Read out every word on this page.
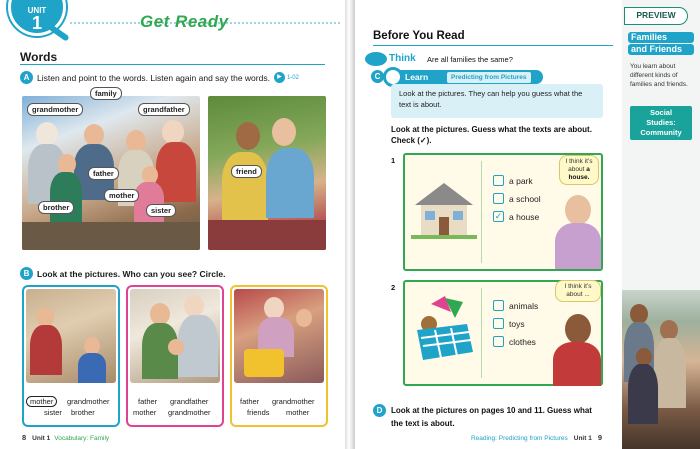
UNIT
1	Get Ready
Words
A Listen and point to the words. Listen again and say the words. ▶ 1-02
family
grandmother	grandfather
father
mother
brother	sister
friend
B Look at the pictures. Who can you see? Circle.
mother	grandmother
sister brother
father grandfather
mother grandmother
father grandmother
friends mother
8 Unit 1 Vocabulary: Family
Before You Read
Think Are all families the same?
C	Learn	Predicting from Pictures
Look at the pictures. They can help you guess what the text is about.
Look at the pictures. Guess what the texts are about. Check (✓).
1
a park
a school
✓ a house
I think it’s about a house.
2
animals
toys
clothes
I think it’s about ...
D	Look at the pictures on pages 10 and 11. Guess what the text is about.
Reading: Predicting from Pictures Unit 1 9
PREVIEW
Families
and Friends
You learn about different kinds of families and friends.
Social
Studies:
Community
